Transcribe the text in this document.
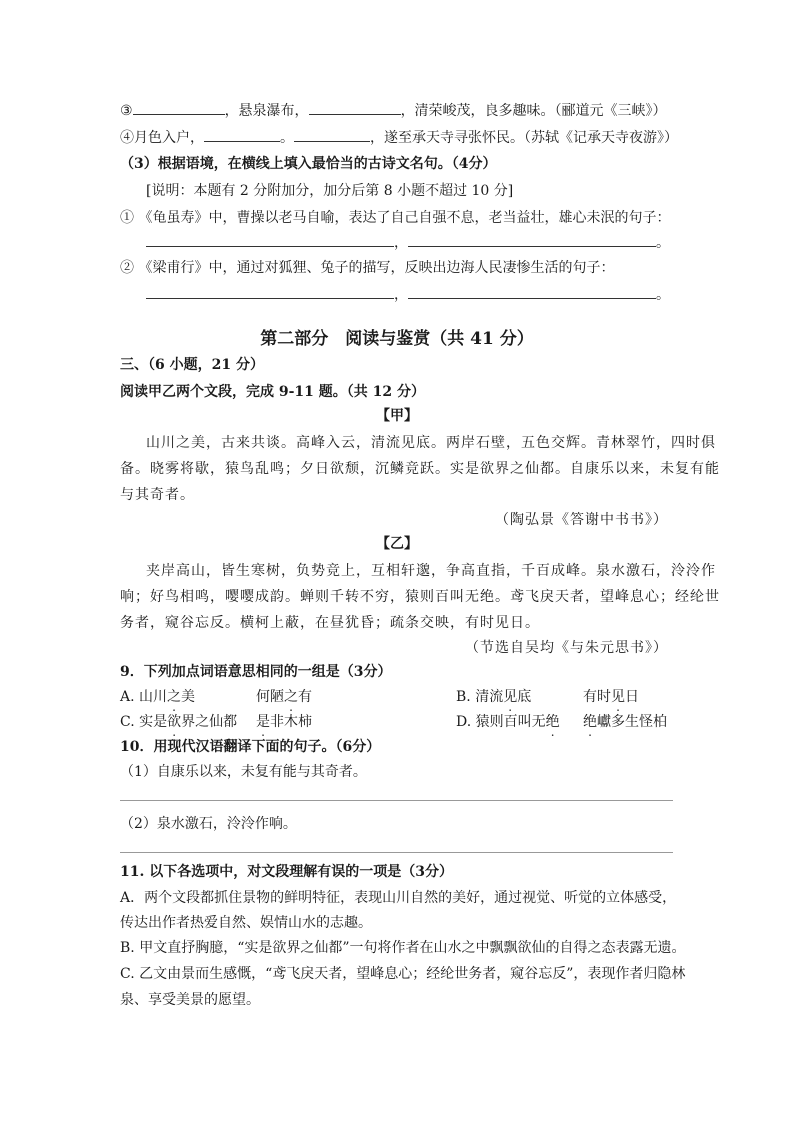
③	，悬泉瀑布，	，清荣峻茂，良多趣味。（郦道元《三峡》）
④月色入户，	。	，遂至承天寺寻张怀民。（苏轼《记承天寺夜游》）
（3）根据语境，在横线上填入最恰当的古诗文名句。（4分）
[说明：本题有 2 分附加分，加分后第 8 小题不超过 10 分]
① 《龟虽寿》中，曹操以老马自喻，表达了自己自强不息，老当益壮，雄心未泯的句子：
，	。
② 《梁甫行》中，通过对狐狸、兔子的描写，反映出边海人民凄惨生活的句子：
，	。
第二部分　阅读与鉴赏（共 41 分）
三、（6 小题，21 分）
阅读甲乙两个文段，完成 9-11 题。（共 12 分）
【甲】
山川之美，古来共谈。高峰入云，清流见底。两岸石壁，五色交辉。青林翠竹，四时俱
备。晓雾将歇，猿鸟乱鸣；夕日欲颓，沉鳞竞跃。实是欲界之仙都。自康乐以来，未复有能
与其奇者。
（陶弘景《答谢中书书》）
【乙】
夹岸高山，皆生寒树，负势竞上，互相轩邈，争高直指，千百成峰。泉水激石，泠泠作
响；好鸟相鸣，嘤嘤成韵。蝉则千转不穷，猿则百叫无绝。鸢飞戾天者，望峰息心；经纶世
务者，窥谷忘反。横柯上蔽，在昼犹昏；疏条交映，有时见日。
（节选自吴均《与朱元思书》）
9．下列加点词语意思相同的一组是（3分）
A. 山川之美	何陋之有	B. 清流见底	有时见日
C. 实是欲界之仙都 是非木柿	D. 猿则百叫无绝 绝巘多生怪柏
10．用现代汉语翻译下面的句子。（6分）
（1）自康乐以来，未复有能与其奇者。
（2）泉水激石，泠泠作响。
11. 以下各选项中，对文段理解有误的一项是（3分）
A．两个文段都抓住景物的鲜明特征，表现山川自然的美好，通过视觉、听觉的立体感受，
传达出作者热爱自然、娱情山水的志趣。
B. 甲文直抒胸臆，“实是欲界之仙都”一句将作者在山水之中飘飘欲仙的自得之态表露无遗。
C. 乙文由景而生感慨，“鸢飞戾天者，望峰息心；经纶世务者，窥谷忘反”，表现作者归隐林
泉、享受美景的愿望。
